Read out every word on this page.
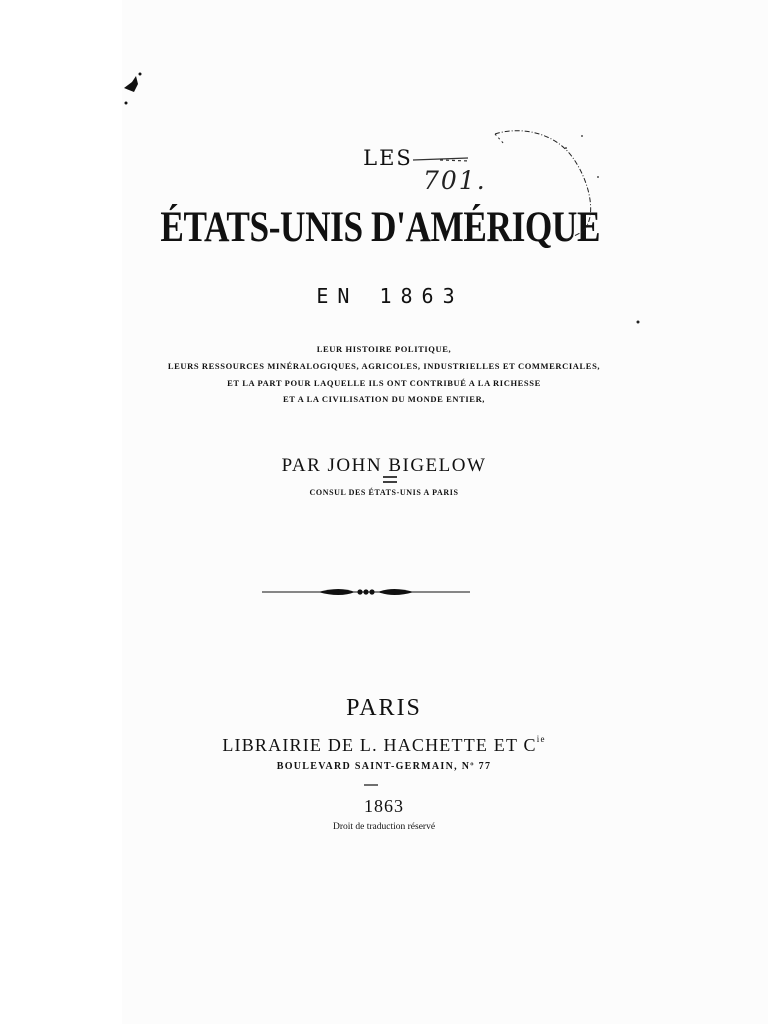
LES
701.
ÉTATS-UNIS D'AMÉRIQUE
EN 1863
LEUR HISTOIRE POLITIQUE,
LEURS RESSOURCES MINÉRALOGIQUES, AGRICOLES, INDUSTRIELLES ET COMMERCIALES,
ET LA PART POUR LAQUELLE ILS ONT CONTRIBUÉ A LA RICHESSE
ET A LA CIVILISATION DU MONDE ENTIER,
PAR JOHN BIGELOW
CONSUL DES ÉTATS-UNIS A PARIS
PARIS
LIBRAIRIE DE L. HACHETTE ET $C^{ie}$
BOULEVARD SAINT-GERMAIN, Nº 77
1863
Droit de traduction réservé
